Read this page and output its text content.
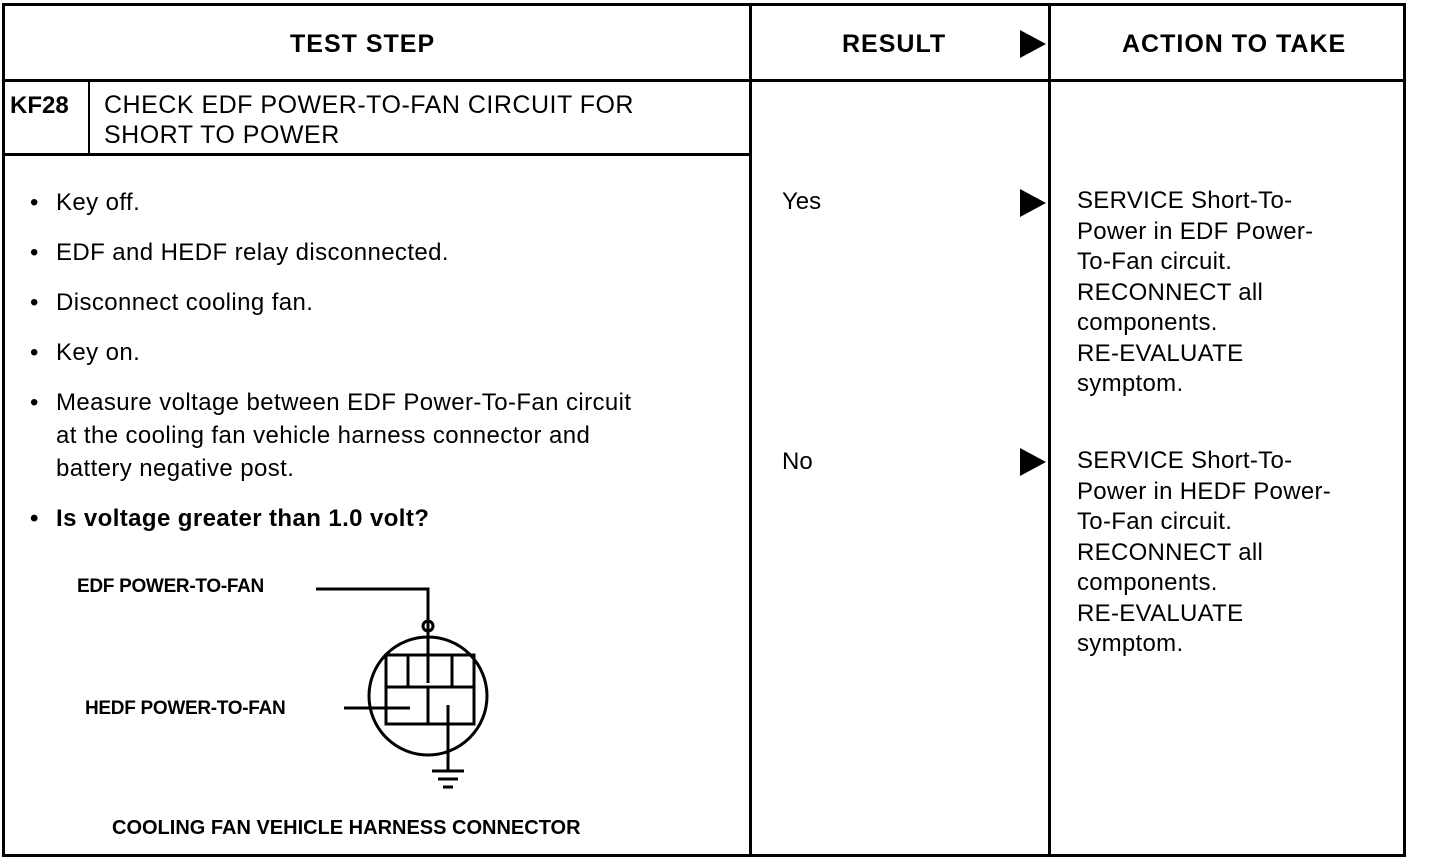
TEST STEP	RESULT	ACTION TO TAKE
KF28 CHECK EDF POWER-TO-FAN CIRCUIT FOR
SHORT TO POWER
• Key off.
• EDF and HEDF relay disconnected.
• Disconnect cooling fan.
• Key on.
• Measure voltage between EDF Power-To-Fan circuit at the cooling fan vehicle harness connector and battery negative post.
• Is voltage greater than 1.0 volt?
Yes	SERVICE Short-To-
Power in EDF Power-
To-Fan circuit.
RECONNECT all
components.
RE-EVALUATE
symptom.
No	SERVICE Short-To-
Power in HEDF Power-
To-Fan circuit.
RECONNECT all
components.
RE-EVALUATE
symptom.
EDF POWER-TO-FAN
HEDF POWER-TO-FAN
COOLING FAN VEHICLE HARNESS CONNECTOR
